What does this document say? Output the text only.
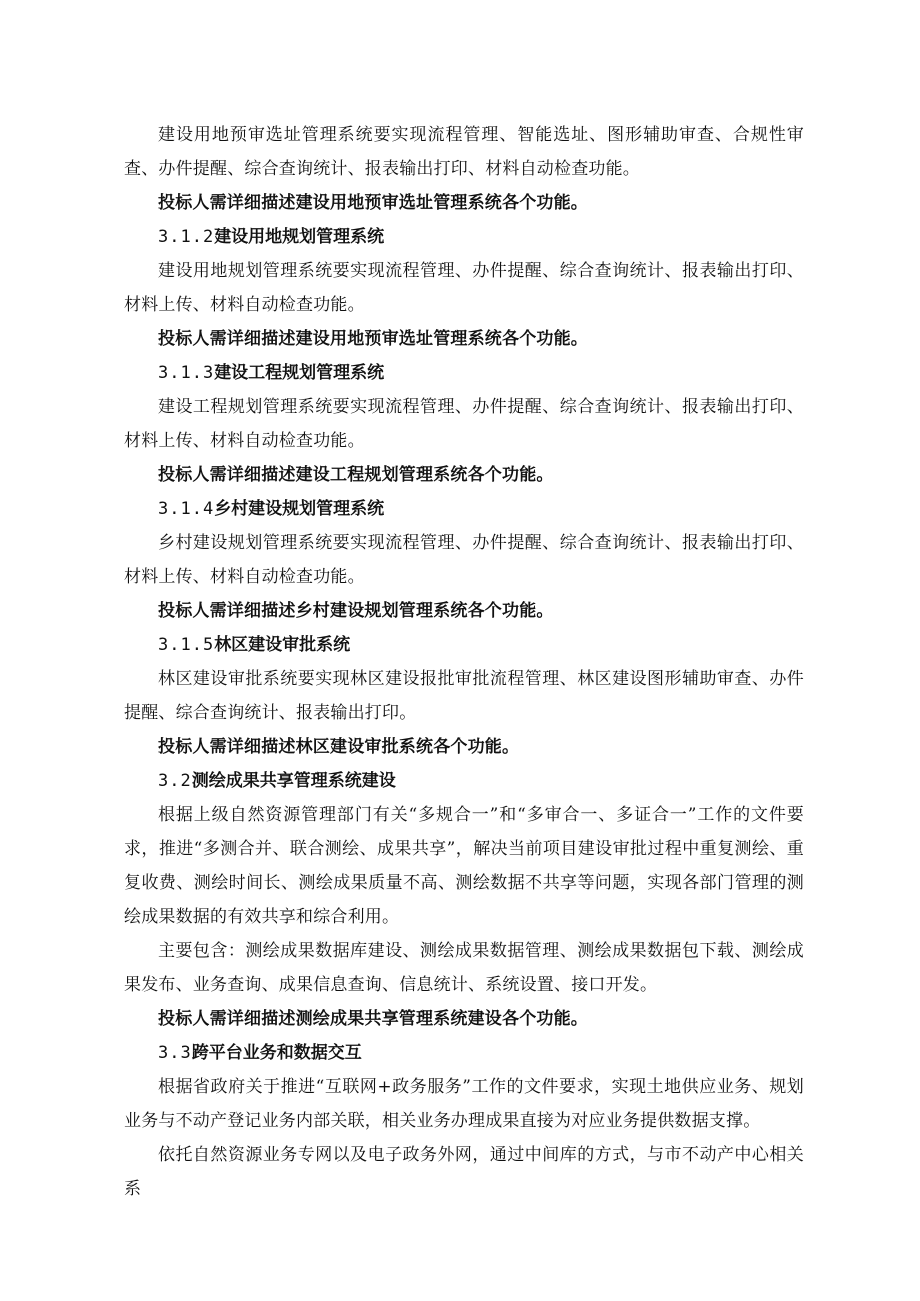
建设用地预审选址管理系统要实现流程管理、智能选址、图形辅助审查、合规性审查、办件提醒、综合查询统计、报表输出打印、材料自动检查功能。

投标人需详细描述建设用地预审选址管理系统各个功能。

3.1.2建设用地规划管理系统

建设用地规划管理系统要实现流程管理、办件提醒、综合查询统计、报表输出打印、材料上传、材料自动检查功能。

投标人需详细描述建设用地预审选址管理系统各个功能。

3.1.3建设工程规划管理系统

建设工程规划管理系统要实现流程管理、办件提醒、综合查询统计、报表输出打印、材料上传、材料自动检查功能。

投标人需详细描述建设工程规划管理系统各个功能。

3.1.4乡村建设规划管理系统

乡村建设规划管理系统要实现流程管理、办件提醒、综合查询统计、报表输出打印、材料上传、材料自动检查功能。

投标人需详细描述乡村建设规划管理系统各个功能。

3.1.5林区建设审批系统

林区建设审批系统要实现林区建设报批审批流程管理、林区建设图形辅助审查、办件提醒、综合查询统计、报表输出打印。

投标人需详细描述林区建设审批系统各个功能。

3.2测绘成果共享管理系统建设

根据上级自然资源管理部门有关“多规合一”和“多审合一、多证合一”工作的文件要求，推进“多测合并、联合测绘、成果共享”，解决当前项目建设审批过程中重复测绘、重复收费、测绘时间长、测绘成果质量不高、测绘数据不共享等问题，实现各部门管理的测绘成果数据的有效共享和综合利用。

主要包含：测绘成果数据库建设、测绘成果数据管理、测绘成果数据包下载、测绘成果发布、业务查询、成果信息查询、信息统计、系统设置、接口开发。

投标人需详细描述测绘成果共享管理系统建设各个功能。

3.3跨平台业务和数据交互

根据省政府关于推进“互联网+政务服务”工作的文件要求，实现土地供应业务、规划业务与不动产登记业务内部关联，相关业务办理成果直接为对应业务提供数据支撑。

依托自然资源业务专网以及电子政务外网，通过中间库的方式，与市不动产中心相关系
